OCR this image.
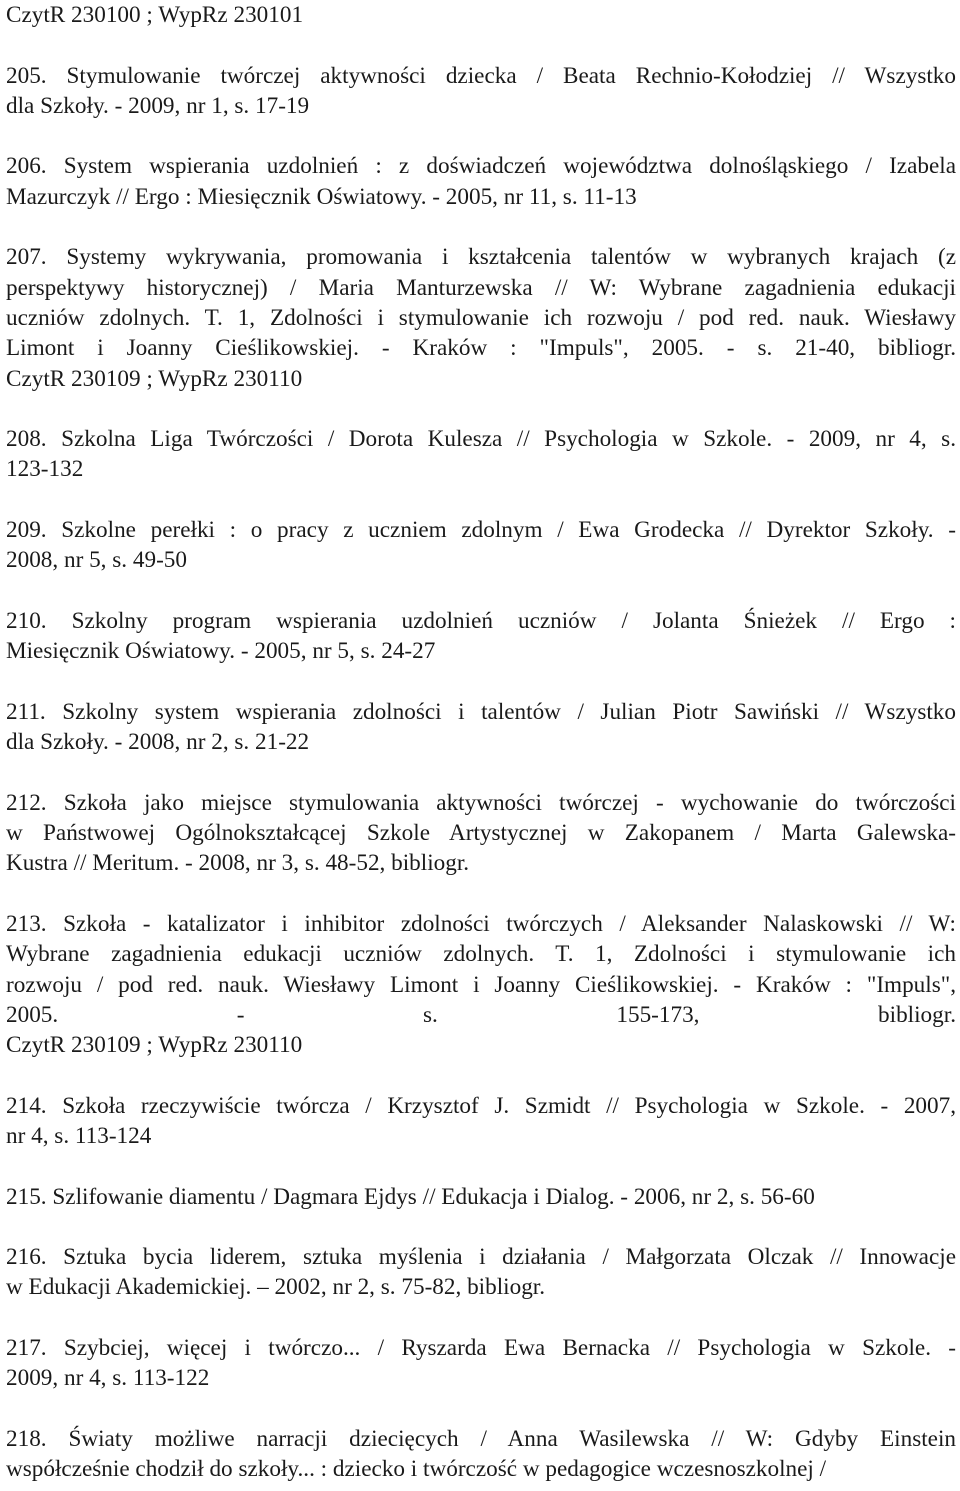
CzytR 230100 ; WypRz 230101
205. Stymulowanie twórczej aktywności dziecka / Beata Rechnio-Kołodziej // Wszystko
dla Szkoły. - 2009, nr 1, s. 17-19
206. System wspierania uzdolnień : z doświadczeń województwa dolnośląskiego / Izabela
Mazurczyk // Ergo : Miesięcznik Oświatowy. - 2005, nr 11, s. 11-13
207. Systemy wykrywania, promowania i kształcenia talentów w wybranych krajach (z
perspektywy historycznej) / Maria Manturzewska // W: Wybrane zagadnienia edukacji
uczniów zdolnych. T. 1, Zdolności i stymulowanie ich rozwoju / pod red. nauk. Wiesławy
Limont i Joanny Cieślikowskiej. - Kraków : "Impuls", 2005. - s. 21-40, bibliogr.
CzytR 230109 ; WypRz 230110
208. Szkolna Liga Twórczości / Dorota Kulesza // Psychologia w Szkole. - 2009, nr 4, s.
123-132
209. Szkolne perełki : o pracy z uczniem zdolnym / Ewa Grodecka // Dyrektor Szkoły. -
2008, nr 5, s. 49-50
210. Szkolny program wspierania uzdolnień uczniów / Jolanta Śnieżek // Ergo :
Miesięcznik Oświatowy. - 2005, nr 5, s. 24-27
211. Szkolny system wspierania zdolności i talentów / Julian Piotr Sawiński // Wszystko
dla Szkoły. - 2008, nr 2, s. 21-22
212. Szkoła jako miejsce stymulowania aktywności twórczej - wychowanie do twórczości
w Państwowej Ogólnokształcącej Szkole Artystycznej w Zakopanem / Marta Galewska-
Kustra // Meritum. - 2008, nr 3, s. 48-52, bibliogr.
213. Szkoła - katalizator i inhibitor zdolności twórczych / Aleksander Nalaskowski // W:
Wybrane zagadnienia edukacji uczniów zdolnych. T. 1, Zdolności i stymulowanie ich
rozwoju / pod red. nauk. Wiesławy Limont i Joanny Cieślikowskiej. - Kraków : "Impuls",
2005. - s. 155-173, bibliogr.
CzytR 230109 ; WypRz 230110
214. Szkoła rzeczywiście twórcza / Krzysztof J. Szmidt // Psychologia w Szkole. - 2007,
nr 4, s. 113-124
215. Szlifowanie diamentu / Dagmara Ejdys // Edukacja i Dialog. - 2006, nr 2, s. 56-60
216. Sztuka bycia liderem, sztuka myślenia i działania / Małgorzata Olczak // Innowacje
w Edukacji Akademickiej. – 2002, nr 2, s. 75-82, bibliogr.
217. Szybciej, więcej i twórczo... / Ryszarda Ewa Bernacka // Psychologia w Szkole. -
2009, nr 4, s. 113-122
218. Światy możliwe narracji dziecięcych / Anna Wasilewska // W: Gdyby Einstein
współcześnie chodził do szkoły... : dziecko i twórczość w pedagogice wczesnoszkolnej /
